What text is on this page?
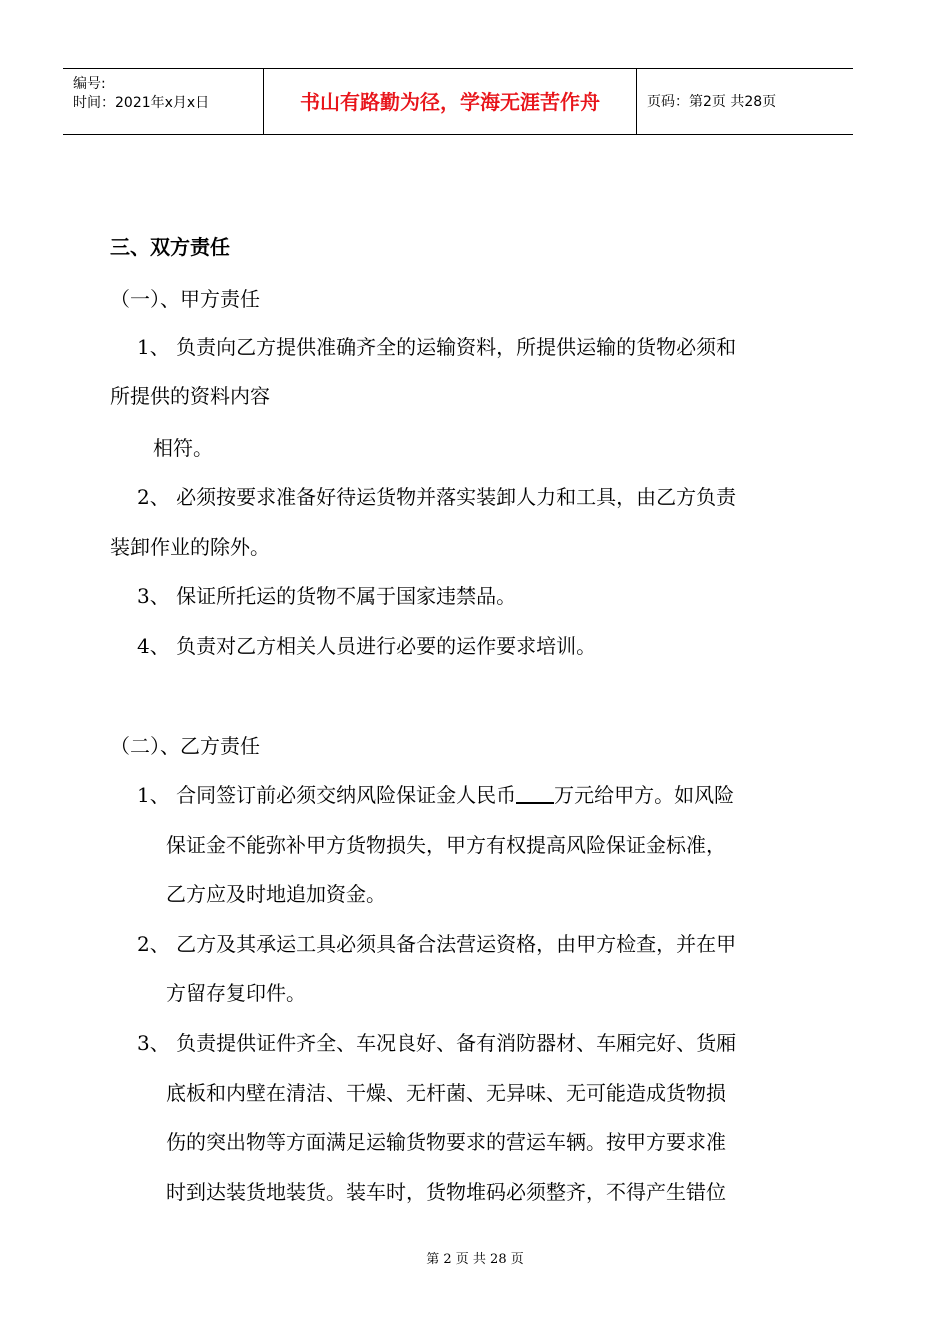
编号:
时间：2021年x月x日	书山有路勤为径，学海无涯苦作舟	页码：第2页 共28页
三、双方责任
（一）、甲方责任
1、 负责向乙方提供准确齐全的运输资料，所提供运输的货物必须和
所提供的资料内容
相符。
2、 必须按要求准备好待运货物并落实装卸人力和工具，由乙方负责
装卸作业的除外。
3、 保证所托运的货物不属于国家违禁品。
4、 负责对乙方相关人员进行必要的运作要求培训。
（二）、乙方责任
1、 合同签订前必须交纳风险保证金人民币 万元给甲方。如风险
保证金不能弥补甲方货物损失，甲方有权提高风险保证金标准，
乙方应及时地追加资金。
2、 乙方及其承运工具必须具备合法营运资格，由甲方检查，并在甲
方留存复印件。
3、 负责提供证件齐全、车况良好、备有消防器材、车厢完好、货厢
底板和内壁在清洁、干燥、无杆菌、无异味、无可能造成货物损
伤的突出物等方面满足运输货物要求的营运车辆。按甲方要求准
时到达装货地装货。装车时，货物堆码必须整齐，不得产生错位
第 2 页 共 28 页
